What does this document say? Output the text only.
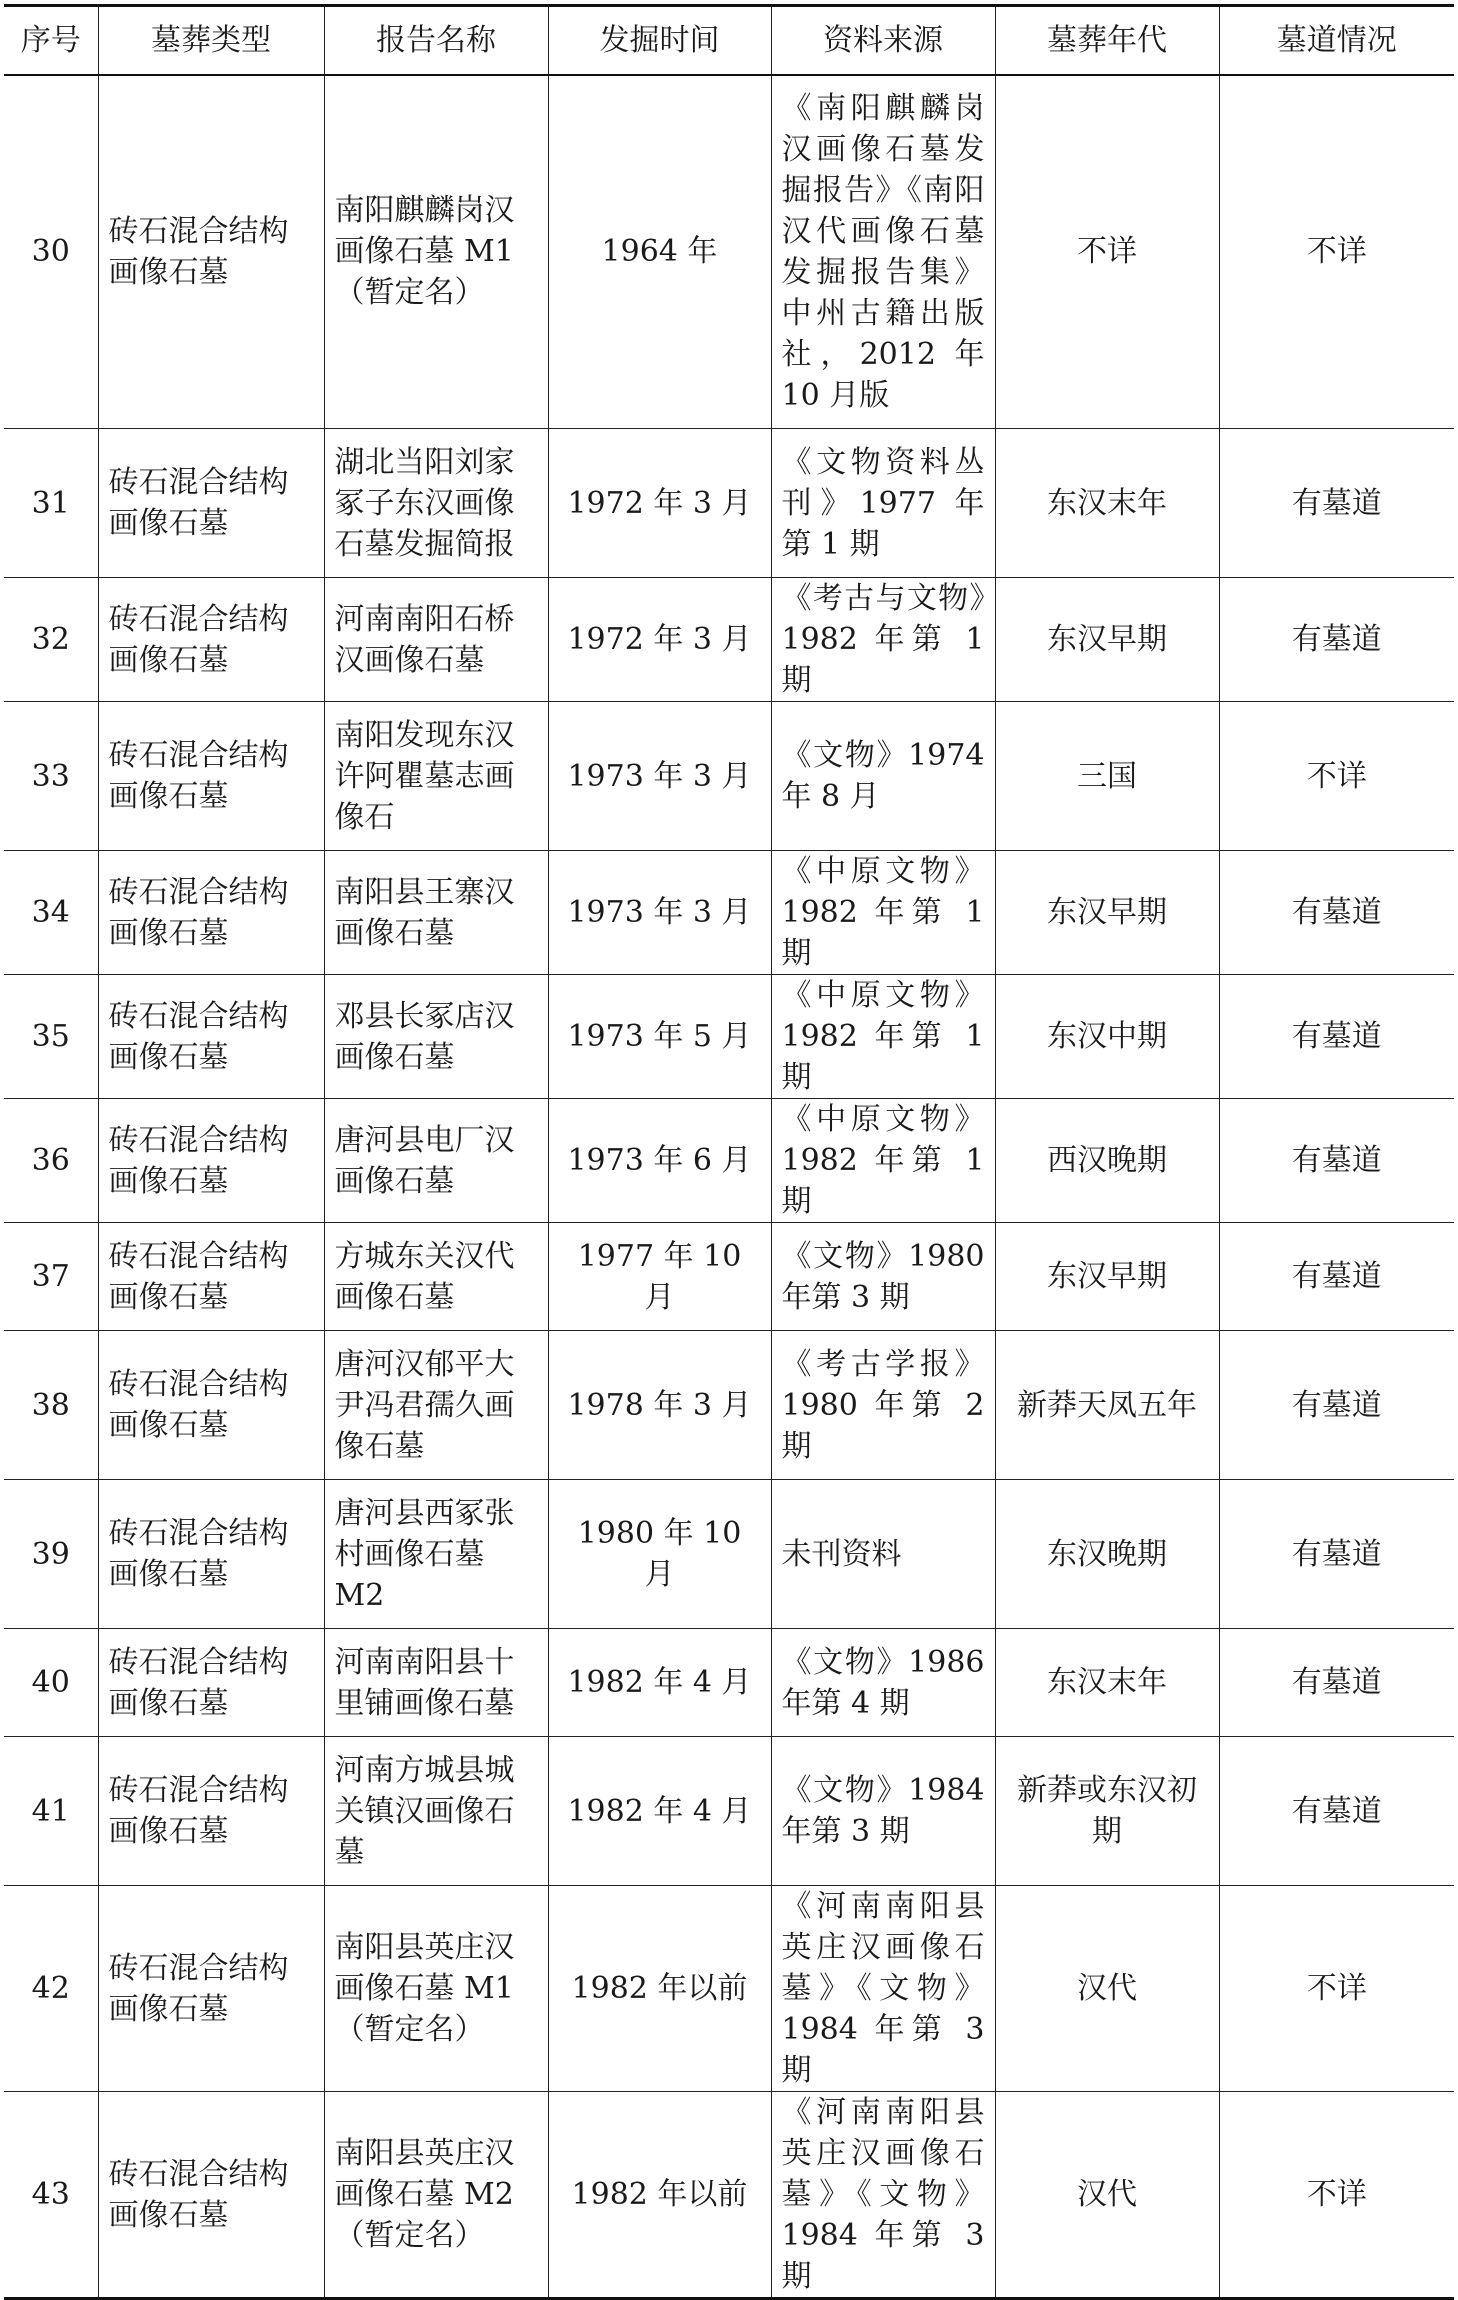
序号	墓葬类型	报告名称	发掘时间	资料来源	墓葬年代	墓道情况
30	砖石混合结构画像石墓	南阳麒麟岗汉画像石墓 M1（暂定名）	1964 年	《南阳麒麟岗汉画像石墓发掘报告》《南阳汉代画像石墓发掘报告集》中州古籍出版社，2012 年 10 月版	不详	不详
31	砖石混合结构画像石墓	湖北当阳刘家冢子东汉画像石墓发掘简报	1972 年 3 月	《文物资料丛刊》1977 年第 1 期	东汉末年	有墓道
32	砖石混合结构画像石墓	河南南阳石桥汉画像石墓	1972 年 3 月	《考古与文物》1982 年第 1 期	东汉早期	有墓道
33	砖石混合结构画像石墓	南阳发现东汉许阿瞿墓志画像石	1973 年 3 月	《文物》1974 年 8 月	三国	不详
34	砖石混合结构画像石墓	南阳县王寨汉画像石墓	1973 年 3 月	《中原文物》1982 年第 1 期	东汉早期	有墓道
35	砖石混合结构画像石墓	邓县长冢店汉画像石墓	1973 年 5 月	《中原文物》1982 年第 1 期	东汉中期	有墓道
36	砖石混合结构画像石墓	唐河县电厂汉画像石墓	1973 年 6 月	《中原文物》1982 年第 1 期	西汉晚期	有墓道
37	砖石混合结构画像石墓	方城东关汉代画像石墓	1977 年 10 月	《文物》1980 年第 3 期	东汉早期	有墓道
38	砖石混合结构画像石墓	唐河汉郁平大尹冯君孺久画像石墓	1978 年 3 月	《考古学报》1980 年第 2 期	新莽天凤五年	有墓道
39	砖石混合结构画像石墓	唐河县西冢张村画像石墓 M2	1980 年 10 月	未刊资料	东汉晚期	有墓道
40	砖石混合结构画像石墓	河南南阳县十里铺画像石墓	1982 年 4 月	《文物》1986 年第 4 期	东汉末年	有墓道
41	砖石混合结构画像石墓	河南方城县城关镇汉画像石墓	1982 年 4 月	《文物》1984 年第 3 期	新莽或东汉初期	有墓道
42	砖石混合结构画像石墓	南阳县英庄汉画像石墓 M1（暂定名）	1982 年以前	《河南南阳县英庄汉画像石墓》《文物》1984 年第 3 期	汉代	不详
43	砖石混合结构画像石墓	南阳县英庄汉画像石墓 M2（暂定名）	1982 年以前	《河南南阳县英庄汉画像石墓》《文物》1984 年第 3 期	汉代	不详
